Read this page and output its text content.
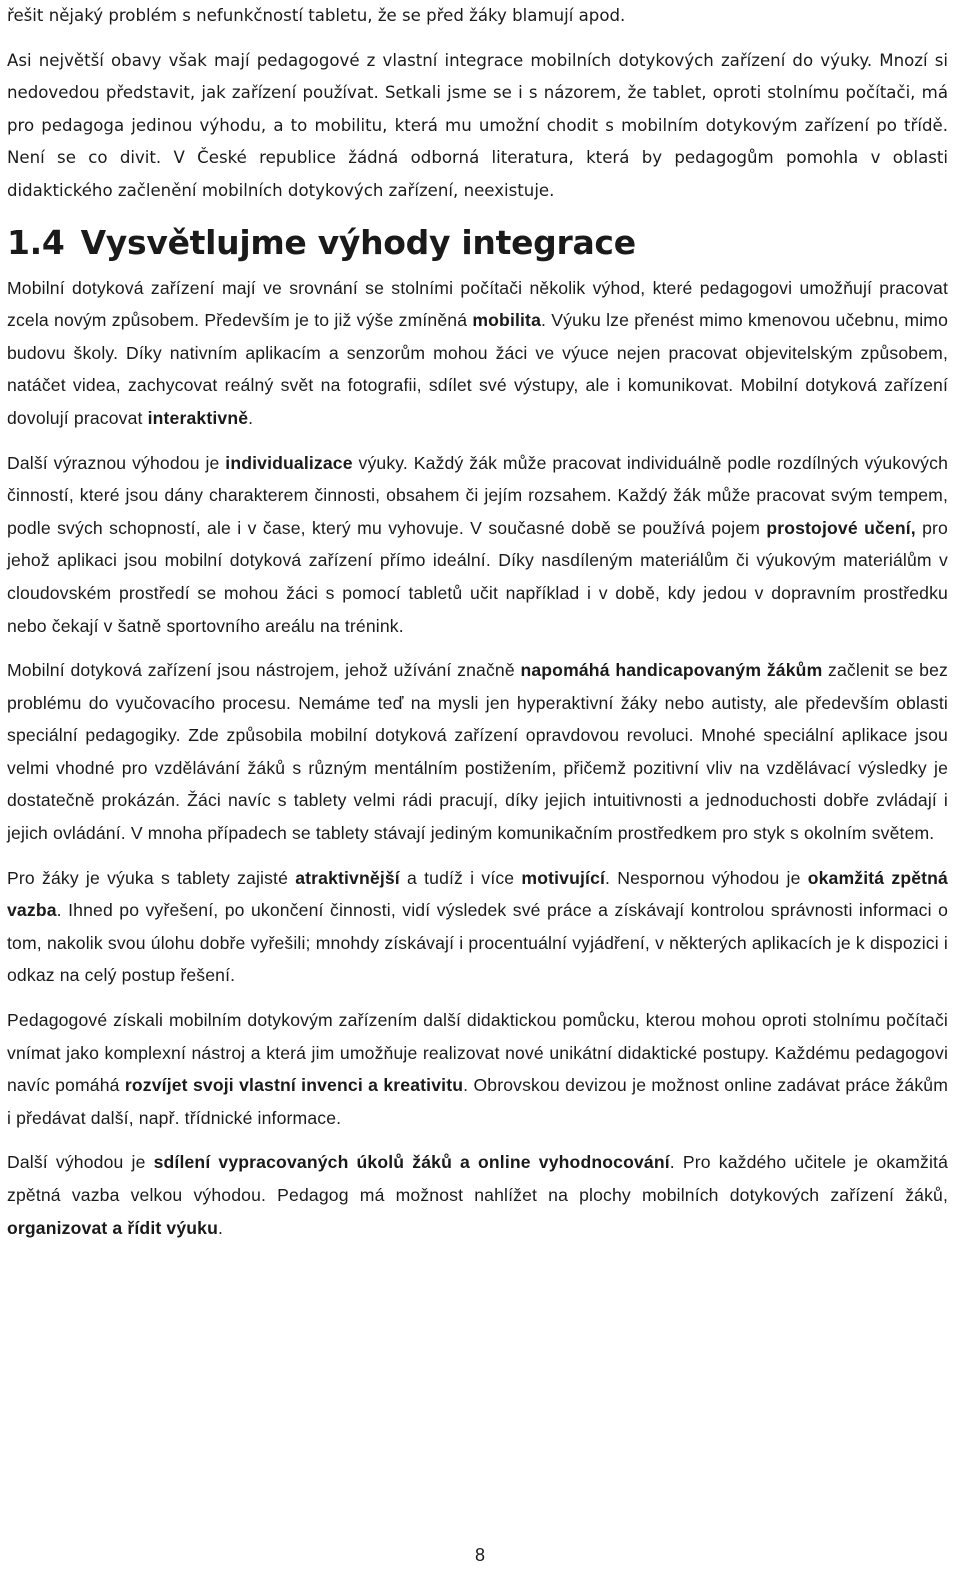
řešit nějaký problém s nefunkčností tabletu, že se před žáky blamují apod.

Asi největší obavy však mají pedagogové z vlastní integrace mobilních dotykových zařízení do výuky. Mnozí si nedovedou představit, jak zařízení používat. Setkali jsme se i s názorem, že tablet, oproti stolnímu počítači, má pro pedagoga jedinou výhodu, a to mobilitu, která mu umožní chodit s mobilním dotykovým zařízení po třídě. Není se co divit. V České republice žádná odborná literatura, která by pedagogům pomohla v oblasti didaktického začlenění mobilních dotykových zařízení, neexistuje.

1.4 Vysvětlujme výhody integrace

Mobilní dotyková zařízení mají ve srovnání se stolními počítači několik výhod, které pedagogovi umožňují pracovat zcela novým způsobem. Především je to již výše zmíněná mobilita. Výuku lze přenést mimo kmenovou učebnu, mimo budovu školy. Díky nativním aplikacím a senzorům mohou žáci ve výuce nejen pracovat objevitelským způsobem, natáčet videa, zachycovat reálný svět na fotografii, sdílet své výstupy, ale i komunikovat. Mobilní dotyková zařízení dovolují pracovat interaktivně.

Další výraznou výhodou je individualizace výuky. Každý žák může pracovat individuálně podle rozdílných výukových činností, které jsou dány charakterem činnosti, obsahem či jejím rozsahem. Každý žák může pracovat svým tempem, podle svých schopností, ale i v čase, který mu vyhovuje. V současné době se používá pojem prostojové učení, pro jehož aplikaci jsou mobilní dotyková zařízení přímo ideální. Díky nasdíleným materiálům či výukovým materiálům v cloudovském prostředí se mohou žáci s pomocí tabletů učit například i v době, kdy jedou v dopravním prostředku nebo čekají v šatně sportovního areálu na trénink.

Mobilní dotyková zařízení jsou nástrojem, jehož užívání značně napomáhá handicapovaným žákům začlenit se bez problému do vyučovacího procesu. Nemáme teď na mysli jen hyperaktivní žáky nebo autisty, ale především oblasti speciální pedagogiky. Zde způsobila mobilní dotyková zařízení opravdovou revoluci. Mnohé speciální aplikace jsou velmi vhodné pro vzdělávání žáků s různým mentálním postižením, přičemž pozitivní vliv na vzdělávací výsledky je dostatečně prokázán. Žáci navíc s tablety velmi rádi pracují, díky jejich intuitivnosti a jednoduchosti dobře zvládají i jejich ovládání. V mnoha případech se tablety stávají jediným komunikačním prostředkem pro styk s okolním světem.

Pro žáky je výuka s tablety zajisté atraktivnější a tudíž i více motivující. Nespornou výhodou je okamžitá zpětná vazba. Ihned po vyřešení, po ukončení činnosti, vidí výsledek své práce a získávají kontrolou správnosti informaci o tom, nakolik svou úlohu dobře vyřešili; mnohdy získávají i procentuální vyjádření, v některých aplikacích je k dispozici i odkaz na celý postup řešení.

Pedagogové získali mobilním dotykovým zařízením další didaktickou pomůcku, kterou mohou oproti stolnímu počítači vnímat jako komplexní nástroj a která jim umožňuje realizovat nové unikátní didaktické postupy. Každému pedagogovi navíc pomáhá rozvíjet svoji vlastní invenci a kreativitu. Obrovskou devizou je možnost online zadávat práce žákům i předávat další, např. třídnické informace.

Další výhodou je sdílení vypracovaných úkolů žáků a online vyhodnocování. Pro každého učitele je okamžitá zpětná vazba velkou výhodou. Pedagog má možnost nahlížet na plochy mobilních dotykových zařízení žáků, organizovat a řídit výuku.

8
